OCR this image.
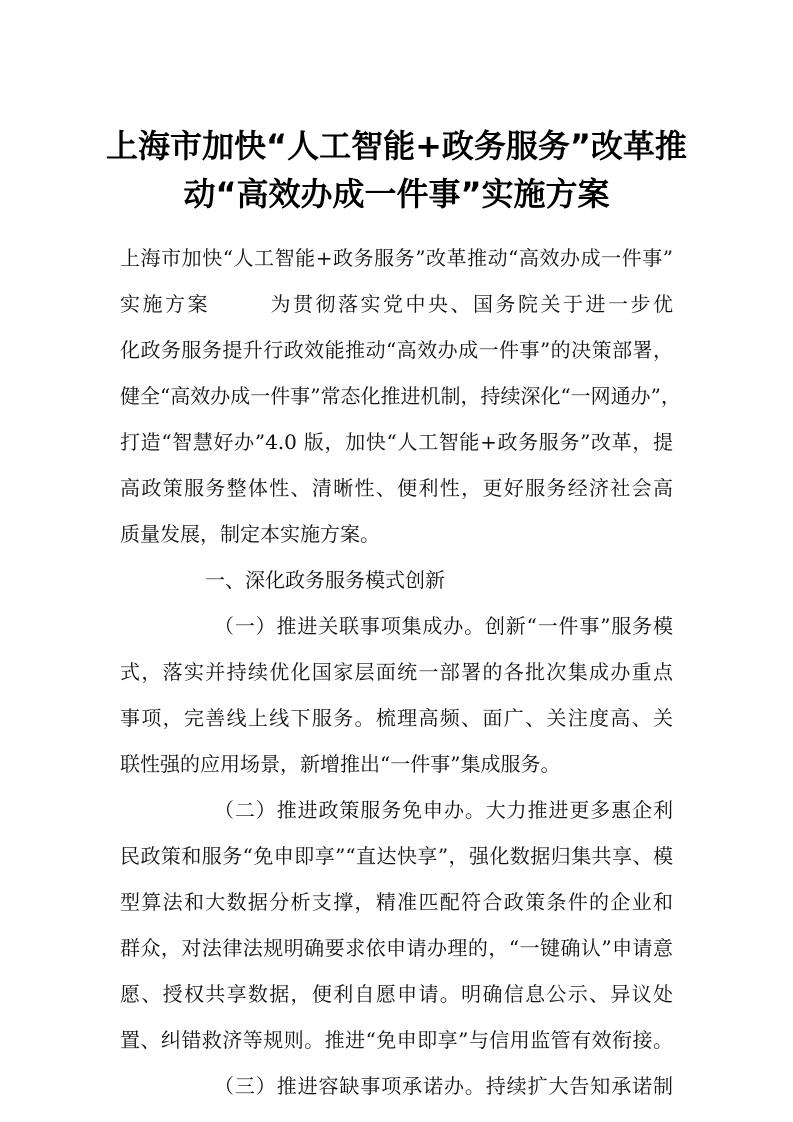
上海市加快“人工智能+政务服务”改革推
动“高效办成一件事”实施方案

上海市加快“人工智能+政务服务”改革推动“高效办成一件事”

实施方案	为贯彻落实党中央、国务院关于进一步优

化政务服务提升行政效能推动“高效办成一件事”的决策部署，

健全“高效办成一件事”常态化推进机制，持续深化“一网通办”，

打造“智慧好办”4.0 版，加快“人工智能+政务服务”改革，提

高政策服务整体性、清晰性、便利性，更好服务经济社会高

质量发展，制定本实施方案。

一、深化政务服务模式创新

（一）推进关联事项集成办。创新“一件事”服务模

式，落实并持续优化国家层面统一部署的各批次集成办重点

事项，完善线上线下服务。梳理高频、面广、关注度高、关

联性强的应用场景，新增推出“一件事”集成服务。

（二）推进政策服务免申办。大力推进更多惠企利

民政策和服务“免申即享”“直达快享”，强化数据归集共享、模

型算法和大数据分析支撑，精准匹配符合政策条件的企业和

群众，对法律法规明确要求依申请办理的，“一键确认”申请意

愿、授权共享数据，便利自愿申请。明确信息公示、异议处

置、纠错救济等规则。推进“免申即享”与信用监管有效衔接。

（三）推进容缺事项承诺办。持续扩大告知承诺制
